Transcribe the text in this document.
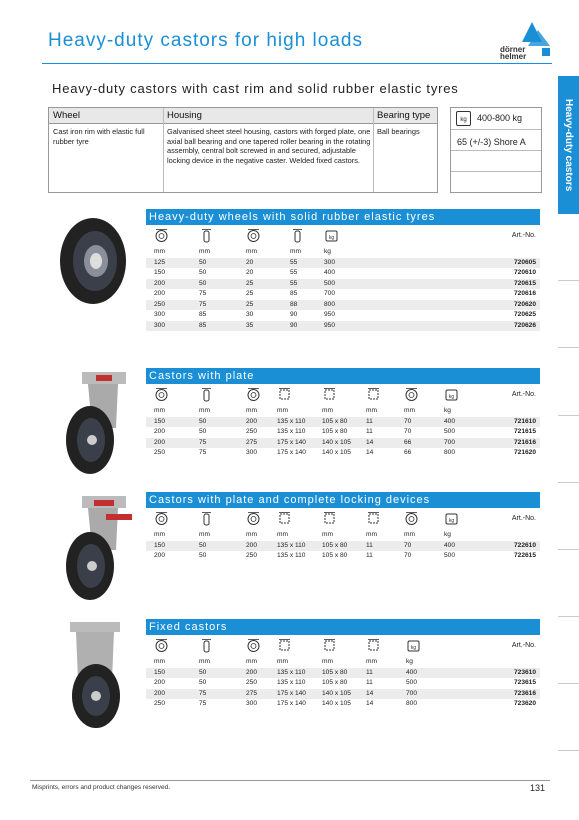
Heavy-duty castors for high loads	dörner helmer
Heavy-duty castors with cast rim and solid rubber elastic tyres
Heavy-duty castors
Wheel	Housing	Bearing type
Cast iron rim with elastic full rubber tyre
Galvanised sheet steel housing, castors with forged plate, one axial ball bearing and one tapered roller bearing in the rotating assembly, central bolt screwed in and secured, adjustable locking device in the negative caster. Welded fixed castors.
Ball bearings
kg	400-800 kg
65 (+/-3) Shore A
Heavy-duty wheels with solid rubber elastic tyres
kg	Art.-No.
mm	mm	mm	mm	kg
125	50	20	55	300	720605
150	50	20	55	400	720610
200	50	25	55	500	720615
200	75	25	85	700	720616
250	75	25	88	800	720620
300	85	30	90	950	720625
300	85	35	90	950	720626
Castors with plate
kg	Art.-No.
mm	mm	mm	mm	mm	mm	mm	kg
150	50	200	135 x 110	105 x 80	11	70	400	721610
200	50	250	135 x 110	105 x 80	11	70	500	721615
200	75	275	175 x 140 140 x 105 14	66	700	721616
250	75	300	175 x 140 140 x 105 14	66	800	721620
Castors with plate and complete locking devices
kg	Art.-No.
mm	mm	mm	mm	mm	mm	mm	kg
150	50	200	135 x 110	105 x 80	11	70	400	722610
200	50	250	135 x 110	105 x 80	11	70	500	722615
Fixed castors
kg	Art.-No.
mm	mm	mm	mm	mm	mm	kg
150	50	200	135 x 110	105 x 80	11	400	723610
200	50	250	135 x 110	105 x 80	11	500	723615
200	75	275	175 x 140 140 x 105 14	700	723616
250	75	300	175 x 140 140 x 105 14	800	723620
Misprints, errors and product changes reserved.	131
